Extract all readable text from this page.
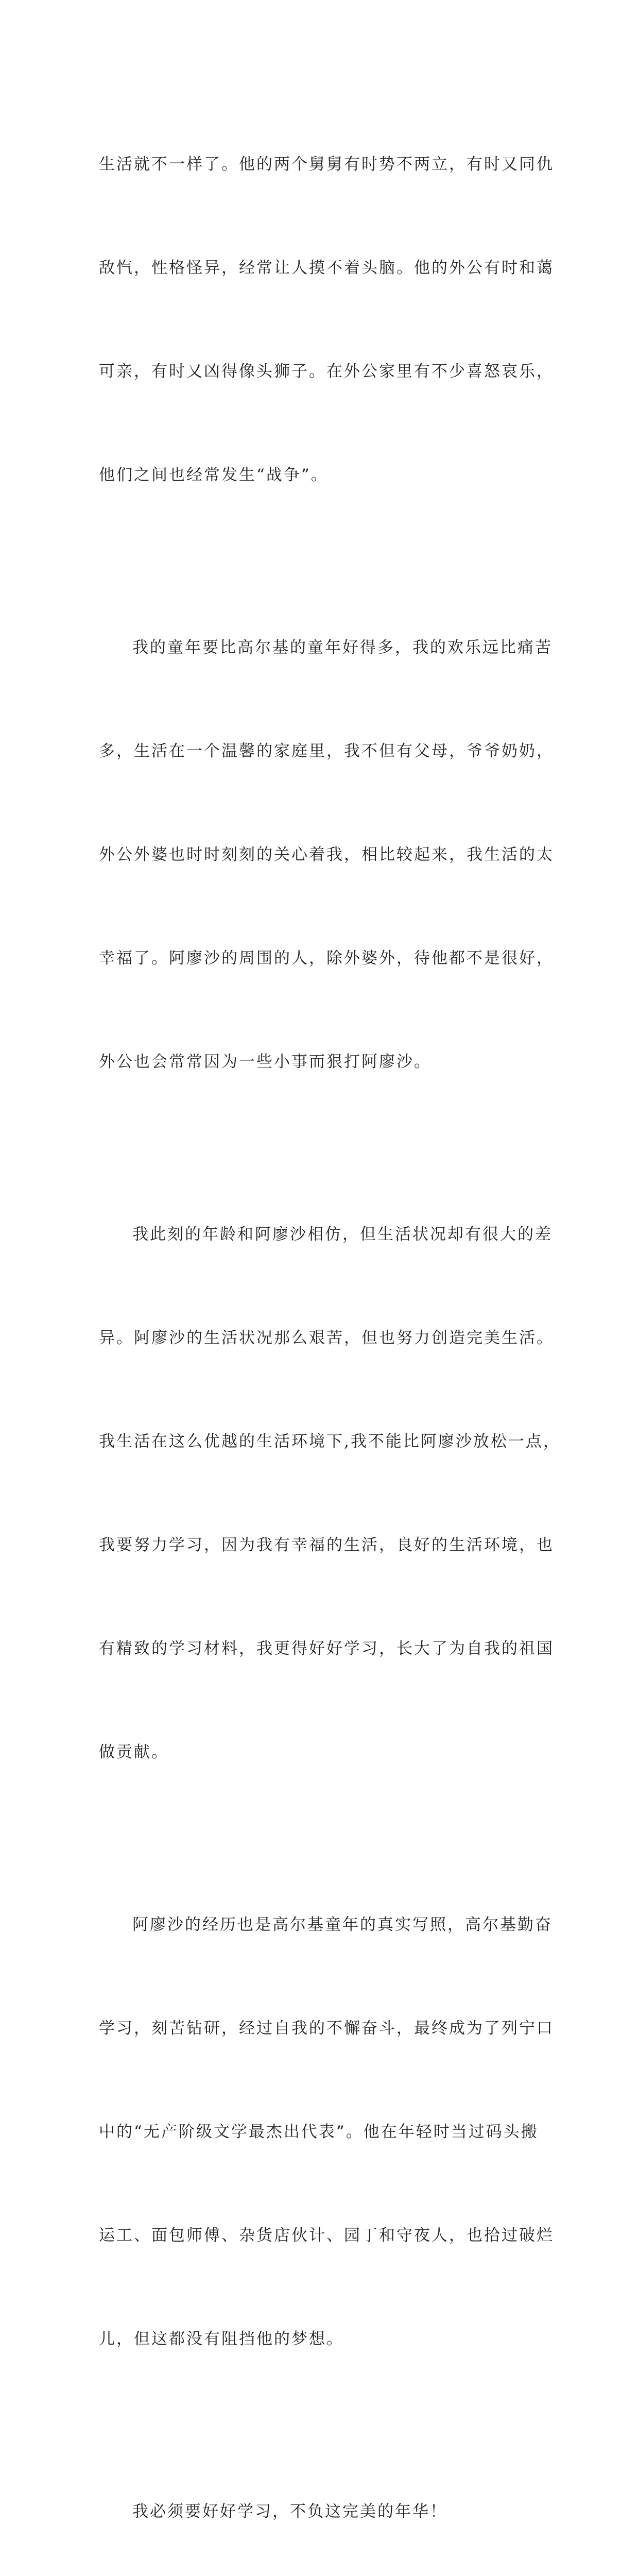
生活就不一样了。他的两个舅舅有时势不两立，有时又同仇

敌忾，性格怪异，经常让人摸不着头脑。他的外公有时和蔼

可亲，有时又凶得像头狮子。在外公家里有不少喜怒哀乐，

他们之间也经常发生“战争”。

我的童年要比高尔基的童年好得多，我的欢乐远比痛苦

多，生活在一个温馨的家庭里，我不但有父母，爷爷奶奶，

外公外婆也时时刻刻的关心着我，相比较起来，我生活的太

幸福了。阿廖沙的周围的人，除外婆外，待他都不是很好，

外公也会常常因为一些小事而狠打阿廖沙。

我此刻的年龄和阿廖沙相仿，但生活状况却有很大的差

异。阿廖沙的生活状况那么艰苦，但也努力创造完美生活。

我生活在这么优越的生活环境下,我不能比阿廖沙放松一点，

我要努力学习，因为我有幸福的生活，良好的生活环境，也

有精致的学习材料，我更得好好学习，长大了为自我的祖国

做贡献。

阿廖沙的经历也是高尔基童年的真实写照，高尔基勤奋

学习，刻苦钻研，经过自我的不懈奋斗，最终成为了列宁口

中的“无产阶级文学最杰出代表”。他在年轻时当过码头搬

运工、面包师傅、杂货店伙计、园丁和守夜人，也拾过破烂

儿，但这都没有阻挡他的梦想。

我必须要好好学习，不负这完美的年华！
